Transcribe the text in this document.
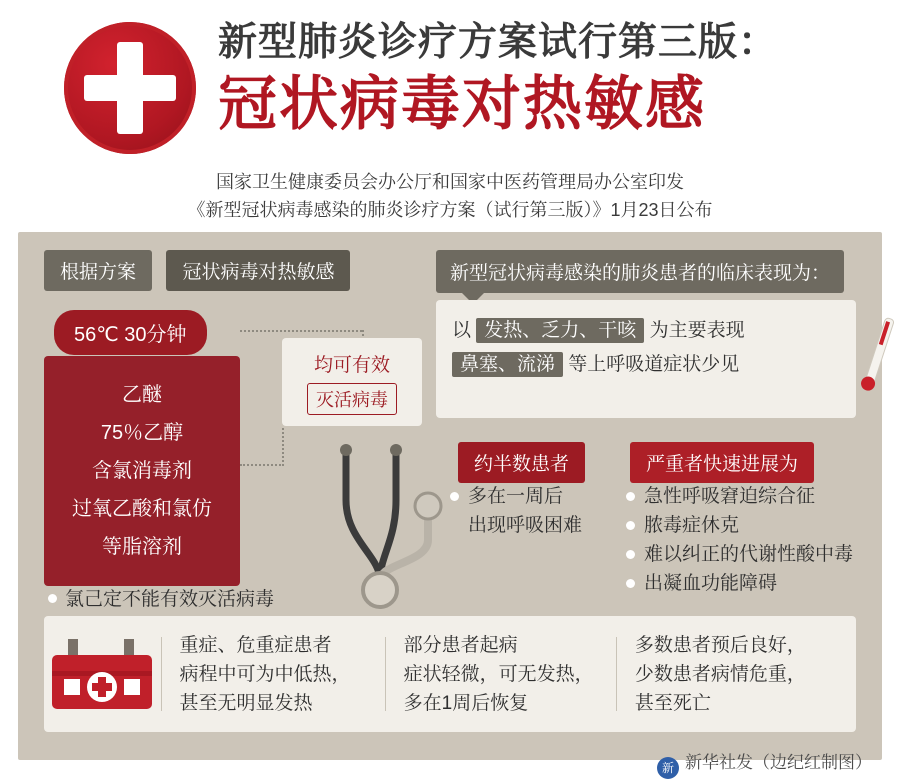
新型肺炎诊疗方案试行第三版：
冠状病毒对热敏感
国家卫生健康委员会办公厅和国家中医药管理局办公室印发
《新型冠状病毒感染的肺炎诊疗方案（试行第三版）》1月23日公布
根据方案 冠状病毒对热敏感	新型冠状病毒感染的肺炎患者的临床表现为：
56℃ 30分钟
乙醚
75％乙醇
含氯消毒剂
过氧乙酸和氯仿
等脂溶剂
均可有效
灭活病毒
氯己定不能有效灭活病毒
以 发热、乏力、干咳 为主要表现
鼻塞、流涕 等上呼吸道症状少见
约半数患者	严重者快速进展为
多在一周后
出现呼吸困难
急性呼吸窘迫综合征
脓毒症休克
难以纠正的代谢性酸中毒
出凝血功能障碍
重症、危重症患者
病程中可为中低热，
甚至无明显发热
部分患者起病
症状轻微，可无发热，
多在1周后恢复
多数患者预后良好，
少数患者病情危重，
甚至死亡
新 新华社发（边纪红制图）
